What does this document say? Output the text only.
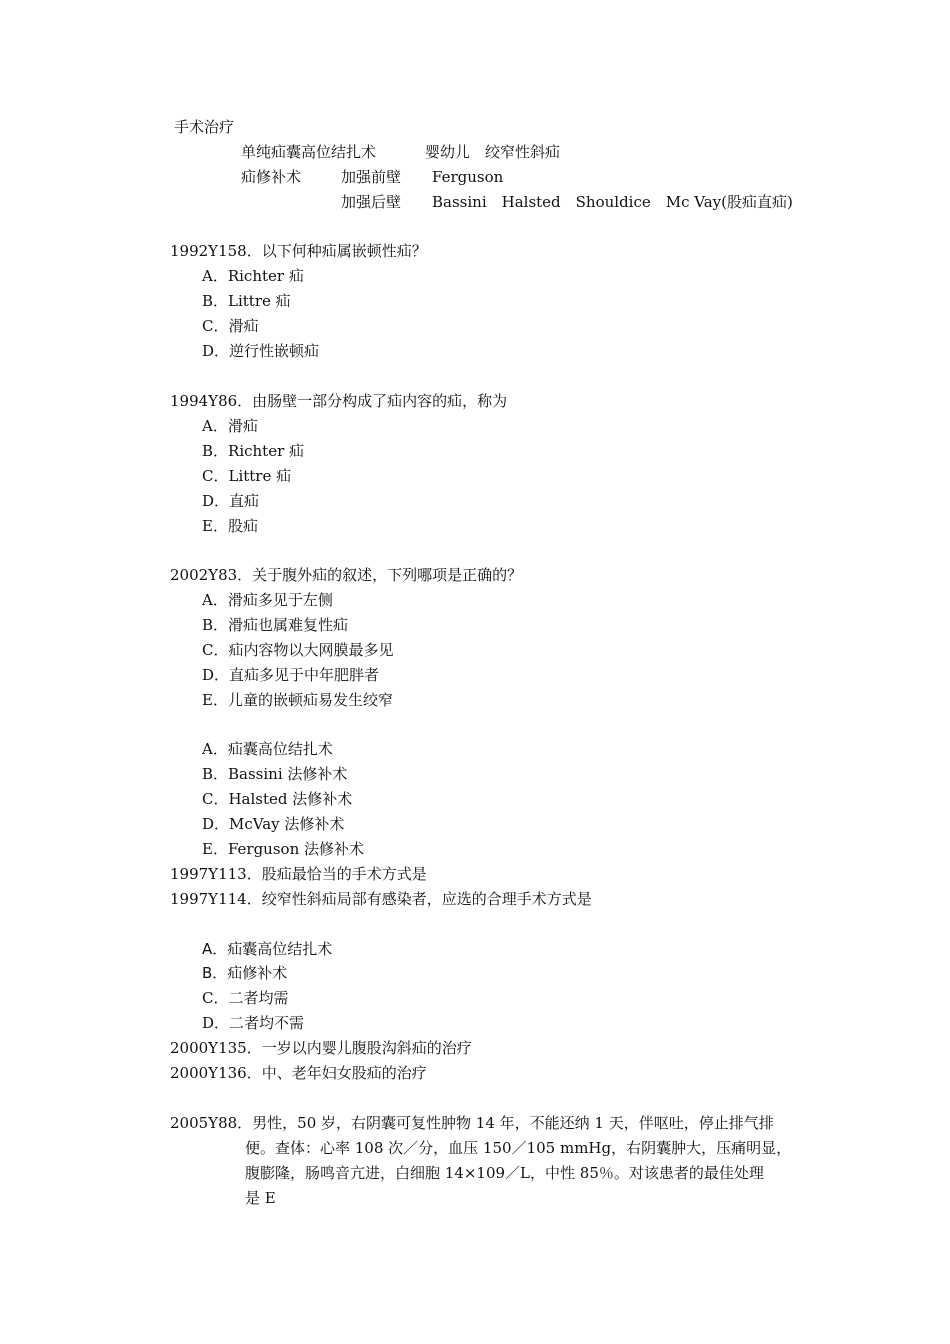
手术治疗
单纯疝囊高位结扎术	婴幼儿　绞窄性斜疝
疝修补术	加强前壁 Ferguson
加强后壁 Bassini　Halsted　Shouldice　Mc Vay(股疝直疝)
1992Y158．以下何种疝属嵌顿性疝？
A．Richter 疝
B．Littre 疝
C．滑疝
D．逆行性嵌顿疝
1994Y86．由肠壁一部分构成了疝内容的疝，称为
A．滑疝
B．Richter 疝
C．Littre 疝
D．直疝
E．股疝
2002Y83．关于腹外疝的叙述，下列哪项是正确的？
A．滑疝多见于左侧
B．滑疝也属难复性疝
C．疝内容物以大网膜最多见
D．直疝多见于中年肥胖者
E．儿童的嵌顿疝易发生绞窄
A．疝囊高位结扎术
B．Bassini 法修补术
C．Halsted 法修补术
D．McVay 法修补术
E．Ferguson 法修补术
1997Y113．股疝最恰当的手术方式是
1997Y114．绞窄性斜疝局部有感染者，应选的合理手术方式是
A．疝囊高位结扎术
B．疝修补术
C．二者均需
D．二者均不需
2000Y135．一岁以内婴儿腹股沟斜疝的治疗
2000Y136．中、老年妇女股疝的治疗
2005Y88．男性，50 岁，右阴囊可复性肿物 14 年，不能还纳 1 天，伴呕吐，停止排气排
便。查体：心率 108 次／分，血压 150／105 mmHg，右阴囊肿大，压痛明显，
腹膨隆，肠鸣音亢进，白细胞 14×109／L，中性 85％。对该患者的最佳处理
是 E
